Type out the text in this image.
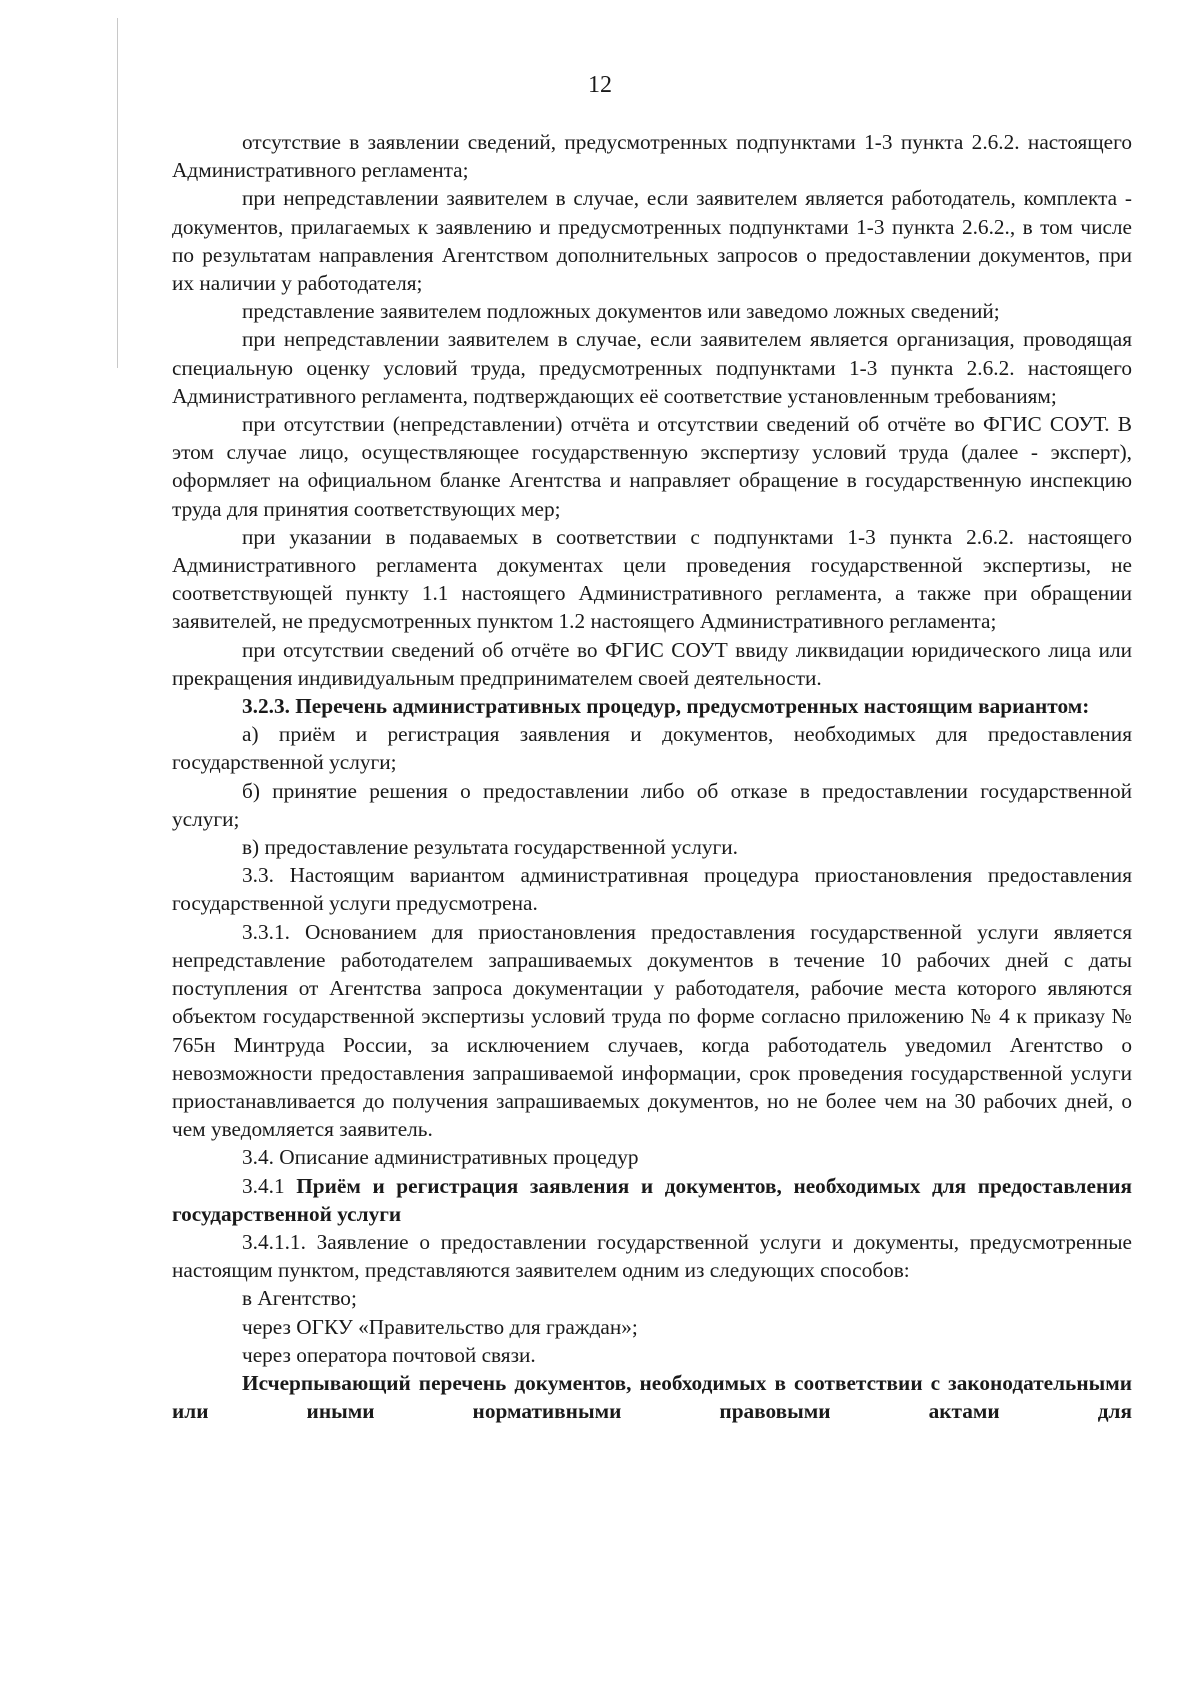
12

отсутствие в заявлении сведений, предусмотренных подпунктами 1-3 пункта 2.6.2. настоящего Административного регламента;

при непредставлении заявителем в случае, если заявителем является работодатель, комплекта - документов, прилагаемых к заявлению и предусмотренных подпунктами 1-3 пункта 2.6.2., в том числе по результатам направления Агентством дополнительных запросов о предоставлении документов, при их наличии у работодателя;

представление заявителем подложных документов или заведомо ложных сведений;

при непредставлении заявителем в случае, если заявителем является организация, проводящая специальную оценку условий труда, предусмотренных подпунктами 1-3 пункта 2.6.2. настоящего Административного регламента, подтверждающих её соответствие установленным требованиям;

при отсутствии (непредставлении) отчёта и отсутствии сведений об отчёте во ФГИС СОУТ. В этом случае лицо, осуществляющее государственную экспертизу условий труда (далее - эксперт), оформляет на официальном бланке Агентства и направляет обращение в государственную инспекцию труда для принятия соответствующих мер;

при указании в подаваемых в соответствии с подпунктами 1-3 пункта 2.6.2. настоящего Административного регламента документах цели проведения государственной экспертизы, не соответствующей пункту 1.1 настоящего Административного регламента, а также при обращении заявителей, не предусмотренных пунктом 1.2 настоящего Административного регламента;

при отсутствии сведений об отчёте во ФГИС СОУТ ввиду ликвидации юридического лица или прекращения индивидуальным предпринимателем своей деятельности.

3.2.3. Перечень административных процедур, предусмотренных настоящим вариантом:

а) приём и регистрация заявления и документов, необходимых для предоставления государственной услуги;

б) принятие решения о предоставлении либо об отказе в предоставлении государственной услуги;

в) предоставление результата государственной услуги.

3.3. Настоящим вариантом административная процедура приостановления предоставления государственной услуги предусмотрена.

3.3.1. Основанием для приостановления предоставления государственной услуги является непредставление работодателем запрашиваемых документов в течение 10 рабочих дней с даты поступления от Агентства запроса документации у работодателя, рабочие места которого являются объектом государственной экспертизы условий труда по форме согласно приложению № 4 к приказу № 765н Минтруда России, за исключением случаев, когда работодатель уведомил Агентство о невозможности предоставления запрашиваемой информации, срок проведения государственной услуги приостанавливается до получения запрашиваемых документов, но не более чем на 30 рабочих дней, о чем уведомляется заявитель.

3.4. Описание административных процедур

3.4.1 Приём и регистрация заявления и документов, необходимых для предоставления государственной услуги

3.4.1.1. Заявление о предоставлении государственной услуги и документы, предусмотренные настоящим пунктом, представляются заявителем одним из следующих способов:

в Агентство;

через ОГКУ «Правительство для граждан»;

через оператора почтовой связи.

Исчерпывающий перечень документов, необходимых в соответствии с законодательными или иными нормативными правовыми актами для
